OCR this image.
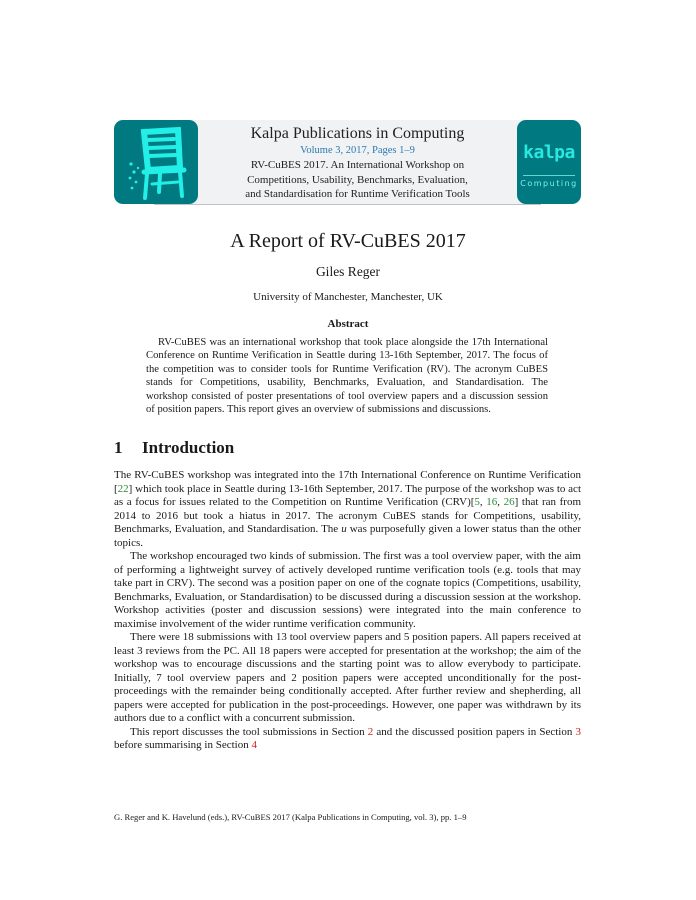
Kalpa Publications in Computing
Volume 3, 2017, Pages 1–9
RV-CuBES 2017. An International Workshop on
Competitions, Usability, Benchmarks, Evaluation,
and Standardisation for Runtime Verification Tools
kalpa
Computing
A Report of RV-CuBES 2017
Giles Reger
University of Manchester, Manchester, UK
Abstract

RV-CuBES was an international workshop that took place alongside the 17th International Conference on Runtime Verification in Seattle during 13-16th September, 2017. The focus of the competition was to consider tools for Runtime Verification (RV). The acronym CuBES stands for Competitions, usability, Benchmarks, Evaluation, and Standardisation. The workshop consisted of poster presentations of tool overview papers and a discussion session of position papers. This report gives an overview of submissions and discussions.

1 Introduction

The RV-CuBES workshop was integrated into the 17th International Conference on Runtime Verification [22] which took place in Seattle during 13-16th September, 2017. The purpose of the workshop was to act as a focus for issues related to the Competition on Runtime Verification (CRV)[5, 16, 26] that ran from 2014 to 2016 but took a hiatus in 2017. The acronym CuBES stands for Competitions, usability, Benchmarks, Evaluation, and Standardisation. The u was purposefully given a lower status than the other topics.

The workshop encouraged two kinds of submission. The first was a tool overview paper, with the aim of performing a lightweight survey of actively developed runtime verification tools (e.g. tools that may take part in CRV). The second was a position paper on one of the cognate topics (Competitions, usability, Benchmarks, Evaluation, or Standardisation) to be discussed during a discussion session at the workshop. Workshop activities (poster and discussion sessions) were integrated into the main conference to maximise involvement of the wider runtime verification community.

There were 18 submissions with 13 tool overview papers and 5 position papers. All papers received at least 3 reviews from the PC. All 18 papers were accepted for presentation at the workshop; the aim of the workshop was to encourage discussions and the starting point was to allow everybody to participate. Initially, 7 tool overview papers and 2 position papers were accepted unconditionally for the post-proceedings with the remainder being conditionally accepted. After further review and shepherding, all papers were accepted for publication in the post-proceedings. However, one paper was withdrawn by its authors due to a conflict with a concurrent submission.

This report discusses the tool submissions in Section 2 and the discussed position papers in Section 3 before summarising in Section 4

G. Reger and K. Havelund (eds.), RV-CuBES 2017 (Kalpa Publications in Computing, vol. 3), pp. 1–9
